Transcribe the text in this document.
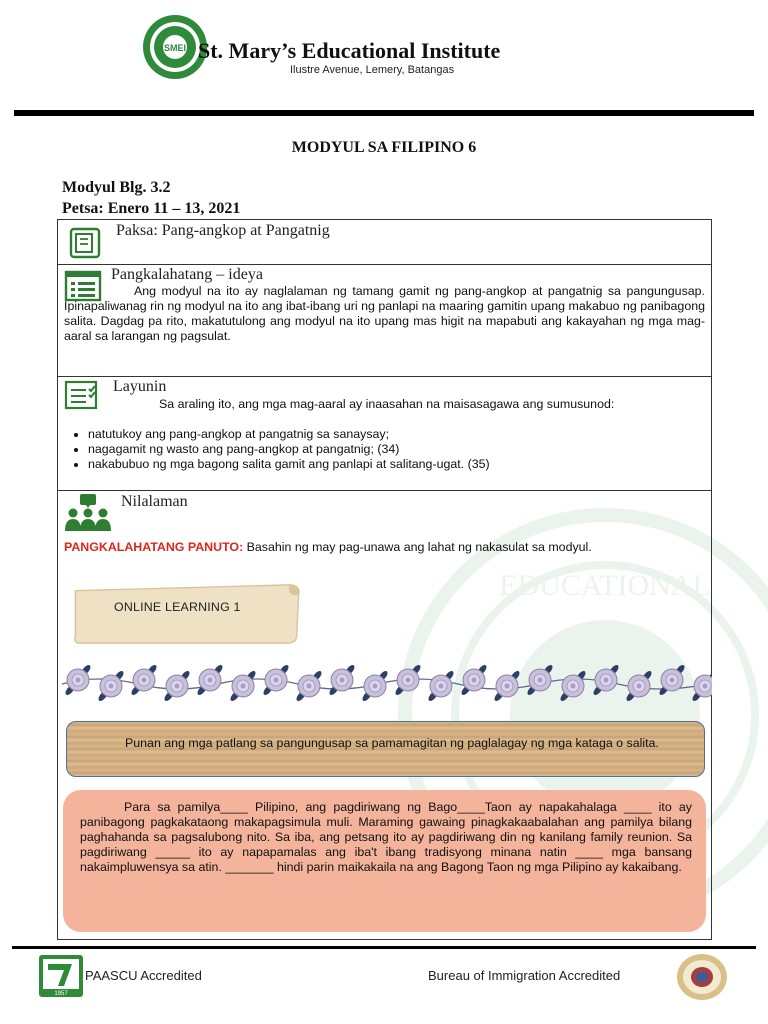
EDUCATIONAL
SMEI St. Mary’s Educational Institute
Ilustre Avenue, Lemery, Batangas
MODYUL SA FILIPINO 6
Modyul Blg. 3.2
Petsa: Enero 11 – 13, 2021
Paksa: Pang-angkop at Pangatnig
Pangkalahatang – ideya
Ang modyul na ito ay naglalaman ng tamang gamit ng pang-angkop at pangatnig sa pangungusap. Ipinapaliwanag rin ng modyul na ito ang ibat-ibang uri ng panlapi na maaring gamitin upang makabuo ng panibagong salita. Dagdag pa rito, makatutulong ang modyul na ito upang mas higit na mapabuti ang kakayahan ng mga mag-aaral sa larangan ng pagsulat.
Layunin
Sa araling ito, ang mga mag-aaral ay inaasahan na maisasagawa ang sumusunod:
• natutukoy ang pang-angkop at pangatnig sa sanaysay;
• nagagamit ng wasto ang pang-angkop at pangatnig; (34)
• nakabubuo ng mga bagong salita gamit ang panlapi at salitang-ugat. (35)
Nilalaman
PANGKALAHATANG PANUTO: Basahin ng may pag-unawa ang lahat ng nakasulat sa modyul.
ONLINE LEARNING 1
Punan ang mga patlang sa pangungusap sa pamamagitan ng paglalagay ng mga kataga o salita.
Para sa pamilya____ Pilipino, ang pagdiriwang ng Bago____Taon ay napakahalaga ____ ito ay panibagong pagkakataong makapagsimula muli. Maraming gawaing pinagkakaabalahan ang pamilya bilang paghahanda sa pagsalubong nito. Sa iba, ang petsang ito ay pagdiriwang din ng kanilang family reunion. Sa pagdiriwang _____ ito ay napapamalas ang iba't ibang tradisyong minana natin ____ mga bansang nakaimpluwensya sa atin. _______ hindi parin maikakaila na ang Bagong Taon ng mga Pilipino ay kakaibang.
1957
PAASCU Accredited	Bureau of Immigration Accredited
